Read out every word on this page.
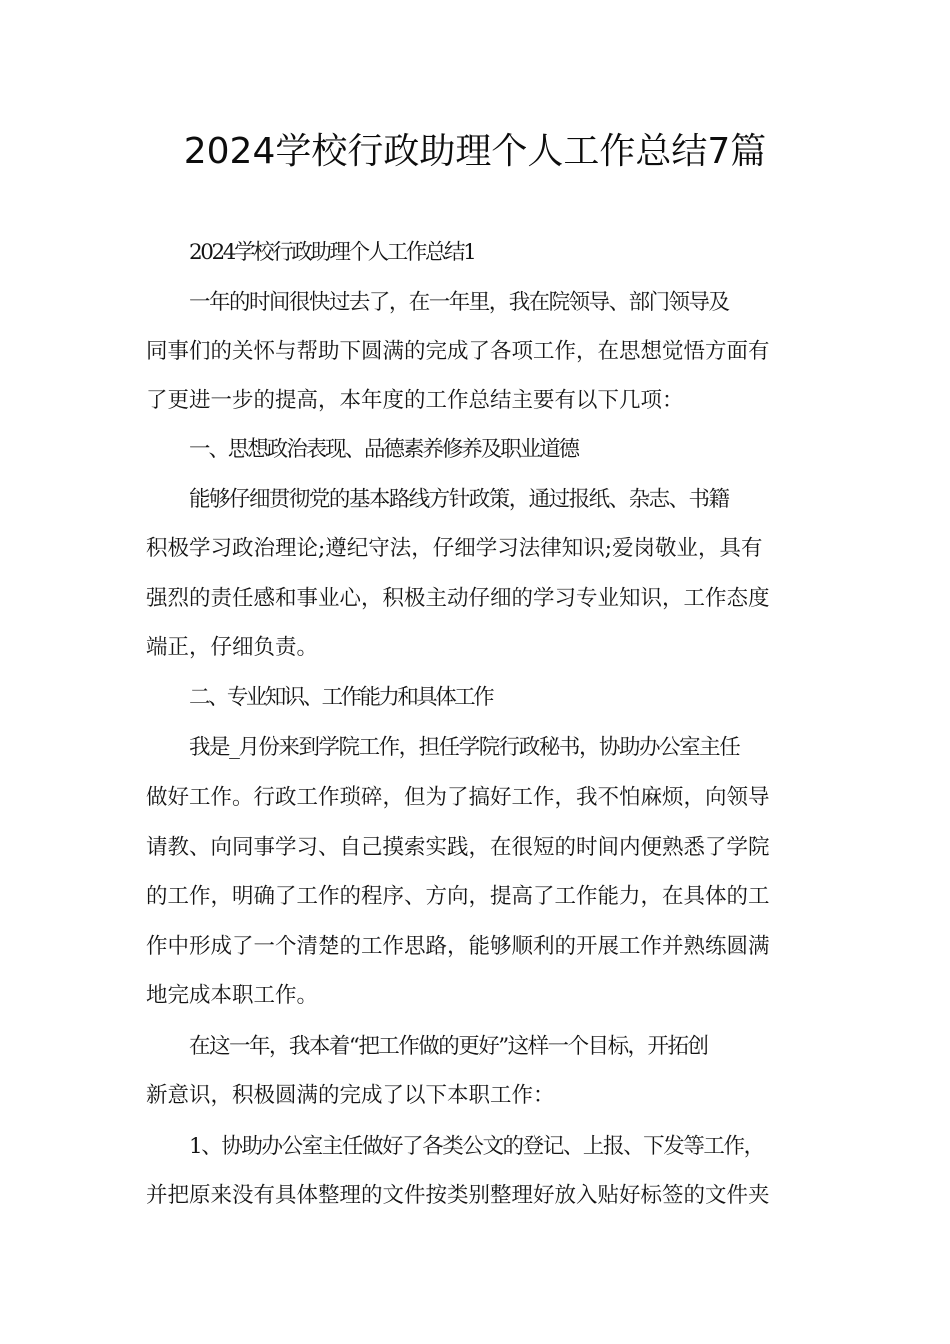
2024学校行政助理个人工作总结7篇
2024学校行政助理个人工作总结1
一年的时间很快过去了，在一年里，我在院领导、部门领导及
同事们的关怀与帮助下圆满的完成了各项工作，在思想觉悟方面有
了更进一步的提高，本年度的工作总结主要有以下几项：
一、思想政治表现、品德素养修养及职业道德
能够仔细贯彻党的基本路线方针政策，通过报纸、杂志、书籍
积极学习政治理论;遵纪守法，仔细学习法律知识;爱岗敬业，具有
强烈的责任感和事业心，积极主动仔细的学习专业知识，工作态度
端正，仔细负责。
二、专业知识、工作能力和具体工作
我是_月份来到学院工作，担任学院行政秘书，协助办公室主任
做好工作。行政工作琐碎，但为了搞好工作，我不怕麻烦，向领导
请教、向同事学习、自己摸索实践，在很短的时间内便熟悉了学院
的工作，明确了工作的程序、方向，提高了工作能力，在具体的工
作中形成了一个清楚的工作思路，能够顺利的开展工作并熟练圆满
地完成本职工作。
在这一年，我本着“把工作做的更好”这样一个目标，开拓创
新意识，积极圆满的完成了以下本职工作：
1、协助办公室主任做好了各类公文的登记、上报、下发等工作，
并把原来没有具体整理的文件按类别整理好放入贴好标签的文件夹
